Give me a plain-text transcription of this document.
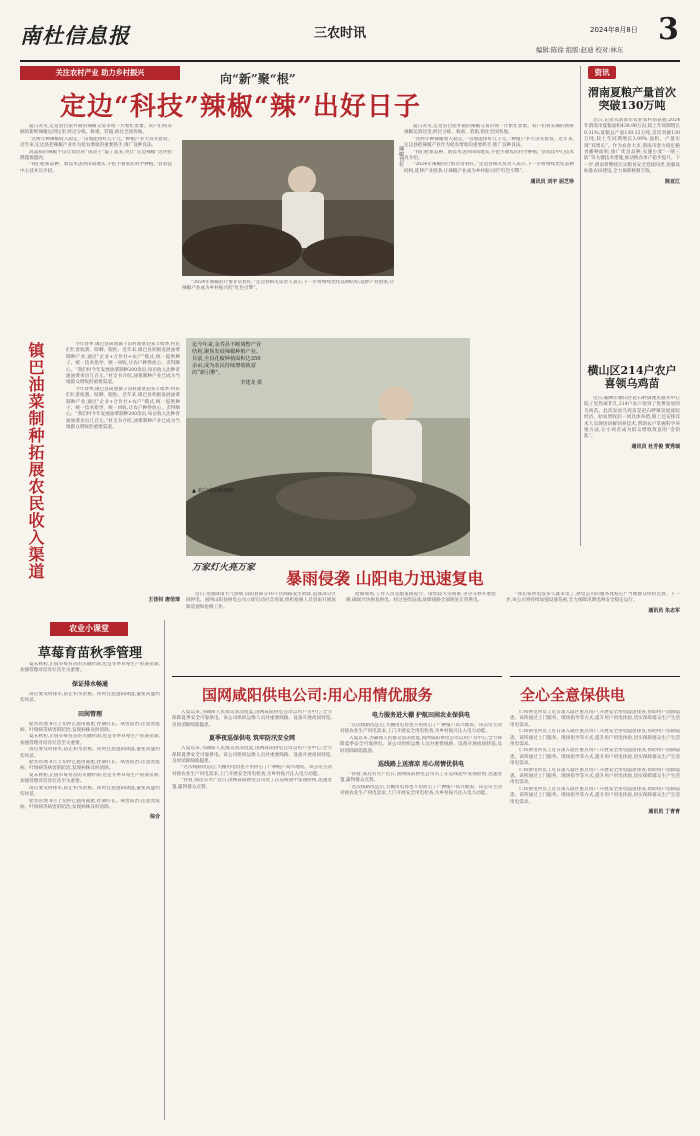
南杜信息报	三农时讯	2024年8月8日 3
编辑:陈徐 组版:赵迪 校对:林东
关注农村产业 助力乡村振兴	向“新”聚“根”
定边“科技”辣椒“辣”出好日子

夏日炎炎,定边县白泥井镇的辣椒交易市场一片繁忙景象。农户们将采摘的新鲜辣椒运到这里,经过分拣、称重、装箱,销往全国各地。

“这两年种辣椒收入稳定,一亩地能挣好几千元。”种植户李大哥笑着说。近年来,定边县把辣椒产业作为促农增收的重要抓手,推广良种良法。

高品质的辣椒不仅让农民的“钱袋子”鼓了起来,更让“定边辣椒”这块招牌越擦越亮。

“我们把新品种、新技术送到田间地头,手把手教农民科学种植。”县农技中心技术员介绍。

辣椒刊在

“2024年辣椒的行情非常看好。”定边县相关负责人表示,下一步将继续优化品种结构,延伸产业链条,让辣椒产业成为乡村振兴的“红色引擎”。

夏日炎炎,定边县白泥井镇的辣椒交易市场一片繁忙景象。农户们将采摘的新鲜辣椒运到这里,经过分拣、称重、装箱,销往全国各地。

“这两年种辣椒收入稳定,一亩地能挣好几千元。”种植户李大哥笑着说。近年来,定边县把辣椒产业作为促农增收的重要抓手,推广良种良法。

“我们把新品种、新技术送到田间地头,手把手教农民科学种植。”县农技中心技术员介绍。

“2024年辣椒的行情非常看好。”定边县相关负责人表示,下一步将继续优化品种结构,延伸产业链条,让辣椒产业成为乡村振兴的“红色引擎”。

通讯员 刘宇 屈芝珍
资讯
渭南夏粮产量首次突破130万吨

近日,记者从渭南市农业农村局获悉:2024年渭南市夏粮面积438.98万亩,较上年同期增长0.31%;夏粮总产量130.15万吨,首次突破130万吨,较上年同期增长3.99%,面积、产量实现“双增长”。作为农业大市,渭南市着力稳定粮食播种面积,推广优良品种,实施小麦“一喷三防”等关键技术措施,推动粮食单产稳步提升。下一步,渭南将继续压实粮食安全党政同责,加强高标准农田建设,全力保障秋粮丰收。

陈亚江
横山区214户农户喜领乌鸡苗

近日,榆林市横山区赵石畔镇便民服务中心院子里热闹非凡,214户农户领到了免费发放的乌鸡苗。此次发放乌鸡苗是赵石畔镇发展庭院经济、助农增收的一项具体举措,镇上还安排技术人员现场讲解饲养技术,帮助农户掌握科学养殖方法,让小鸡苗成为群众增收致富的“金钥匙”。

通讯员 杜芳俊 贾秀瑞
镇巴油菜制种拓展农民收入渠道	今年春季,镇巴县简池镇干沟村油菜迎来丰收季,村民们忙着收割、晾晒、脱粒。近年来,镇巴县积极发展油菜制种产业,通过“企业+合作社+农户”模式,统一提供种子、统一技术指导、统一回收,让农户种得放心、卖得顺心。“我们村今年发展油菜制种200余亩,每亩收入比种普通油菜多出几百元。”村支书介绍,油菜制种产业已成为当地群众增收的重要渠道。

今年春季,镇巴县简池镇干沟村油菜迎来丰收季,村民们忙着收割、晾晒、脱粒。近年来,镇巴县积极发展油菜制种产业,通过“企业+合作社+农户”模式,统一提供种子、统一技术指导、统一回收,让农户种得放心、卖得顺心。“我们村今年发展油菜制种200余亩,每亩收入比种普通油菜多出几百元。”村支书介绍,油菜制种产业已成为当地群众增收的重要渠道。

王佳钊 唐佳琦

迄今年来,永寿县不断调整产业结构,聚焦发展辣椒种植产业。目前,全县花椒种植面积达350余亩,成为农民持续增收致富的“新引擎”。

李建龙 摄

▲ 农户在晾晒辣椒
万家灯火亮万家
暴雨侵袭 山阳电力迅速复电

近日,受强降雨天气影响,山阳县部分10千伏线路发生故障,造成部分区域停电。国网山阳县供电公司立即启动应急预案,组织抢修人员冒雨开展故障巡视和抢修工作。

抢修现场,工作人员克服道路泥泞、雨势较大等困难,争分夺秒开展抢修,确保尽快恢复供电。经过连续奋战,故障线路全部恢复正常供电。

“我们家停电没多久就来电了,供电公司的服务真贴心!”当地群众纷纷点赞。下一步,该公司将持续加强设备巡视,全力保障汛期电网安全稳定运行。

通讯员 朱志军
农业小课堂
草莓育苗秋季管理

夏末秋初,正值草莓育苗的关键时期,也是冬季草莓生产的备苗期,加强管理对培育壮苗至关重要。

保证排水畅通

雨后要及时排水,防止积水沤根。同时注意遮阴降温,避免高温灼伤幼苗。

田间管理

肥水管理 8月上旬停止施用氮肥,控制旺长。病害防治:注意炭疽病、叶斑病等病害的防治,发现病株及时清除。

夏末秋初,正值草莓育苗的关键时期,也是冬季草莓生产的备苗期,加强管理对培育壮苗至关重要。

雨后要及时排水,防止积水沤根。同时注意遮阴降温,避免高温灼伤幼苗。

肥水管理 8月上旬停止施用氮肥,控制旺长。病害防治:注意炭疽病、叶斑病等病害的防治,发现病株及时清除。

夏末秋初,正值草莓育苗的关键时期,也是冬季草莓生产的备苗期,加强管理对培育壮苗至关重要。

雨后要及时排水,防止积水沤根。同时注意遮阴降温,避免高温灼伤幼苗。

肥水管理 8月上旬停止施用氮肥,控制旺长。病害防治:注意炭疽病、叶斑病等病害的防治,发现病株及时清除。

综合
国网咸阳供电公司:用心用情优服务

入夏以来,为确保人民群众清凉度夏,国网咸阳供电公司以用户为中心,全力保障夏季安全可靠供电。该公司组织运维人员对重要线路、设备开展夜间特巡,及时消除缺陷隐患。

夏季夜巡保供电 筑牢防汛安全网

入夏以来,为确保人民群众清凉度夏,国网咸阳供电公司以用户为中心,全力保障夏季安全可靠供电。该公司组织运维人员对重要线路、设备开展夜间特巡,及时消除缺陷隐患。

“这次线路改造后,大棚用电再也不用担心了!”种植户高兴地说。该公司主动对接农业生产用电需求,上门开展安全用电检查,为乡村振兴注入电力动能。

“快看,那边有火!”近日,国网咸阳供电公司员工在巡线途中发现险情,迅速处置,赢得群众点赞。

电力服务进大棚 护航田间农业保供电

“这次线路改造后,大棚用电再也不用担心了!”种植户高兴地说。该公司主动对接农业生产用电需求,上门开展安全用电检查,为乡村振兴注入电力动能。

入夏以来,为确保人民群众清凉度夏,国网咸阳供电公司以用户为中心,全力保障夏季安全可靠供电。该公司组织运维人员对重要线路、设备开展夜间特巡,及时消除缺陷隐患。

巡线路上送清凉 用心用情优供电

“快看,那边有火!”近日,国网咸阳供电公司员工在巡线途中发现险情,迅速处置,赢得群众点赞。

“这次线路改造后,大棚用电再也不用担心了!”种植户高兴地说。该公司主动对接农业生产用电需求,上门开展安全用电检查,为乡村振兴注入电力动能。

全心全意保供电

仁和供电所员工近日深入辖区重点用户,开展安全用电隐患排查,帮助用户消除隐患。该所通过上门服务、现场指导等方式,提升用户用电体验,切实保障群众生产生活用电需求。

仁和供电所员工近日深入辖区重点用户,开展安全用电隐患排查,帮助用户消除隐患。该所通过上门服务、现场指导等方式,提升用户用电体验,切实保障群众生产生活用电需求。

仁和供电所员工近日深入辖区重点用户,开展安全用电隐患排查,帮助用户消除隐患。该所通过上门服务、现场指导等方式,提升用户用电体验,切实保障群众生产生活用电需求。

仁和供电所员工近日深入辖区重点用户,开展安全用电隐患排查,帮助用户消除隐患。该所通过上门服务、现场指导等方式,提升用户用电体验,切实保障群众生产生活用电需求。

仁和供电所员工近日深入辖区重点用户,开展安全用电隐患排查,帮助用户消除隐患。该所通过上门服务、现场指导等方式,提升用户用电体验,切实保障群众生产生活用电需求。

通讯员 丁青青
